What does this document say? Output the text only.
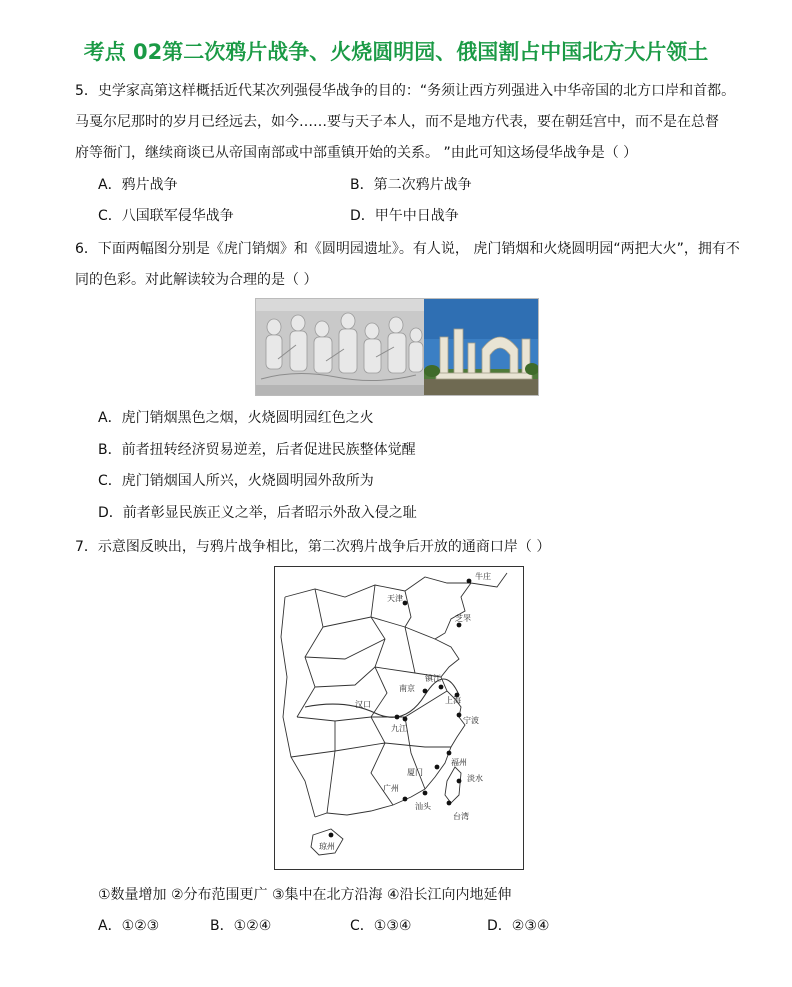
考点 02第二次鸦片战争、火烧圆明园、俄国割占中国北方大片领土
5．史学家高第这样概括近代某次列强侵华战争的目的：“务须让西方列强进入中华帝国的北方口岸和首都。
马戛尔尼那时的岁月已经远去，如今……要与天子本人，而不是地方代表，要在朝廷宫中，而不是在总督
府等衙门，继续商谈已从帝国南部或中部重镇开始的关系。 ”由此可知这场侵华战争是（ ）
A．鸦片战争	B．第二次鸦片战争
C．八国联军侵华战争	D．甲午中日战争
6．下面两幅图分别是《虎门销烟》和《圆明园遗址》。有人说， 虎门销烟和火烧圆明园“两把大火”，拥有不
同的色彩。对此解读较为合理的是（ ）
A．虎门销烟黑色之烟，火烧圆明园红色之火
B．前者扭转经济贸易逆差，后者促进民族整体觉醒
C．虎门销烟国人所兴，火烧圆明园外敌所为
D．前者彰显民族正义之举，后者昭示外敌入侵之耻
7．示意图反映出，与鸦片战争相比，第二次鸦片战争后开放的通商口岸（ ）
牛庄
天津
芝罘
南京
镇江
上海
汉口
九江
宁波
厦门
福州
淡水
广州
汕头
台湾
琼州
①数量增加 ②分布范围更广 ③集中在北方沿海 ④沿长江向内地延伸
A．①②③	B．①②④	C．①③④	D．②③④
